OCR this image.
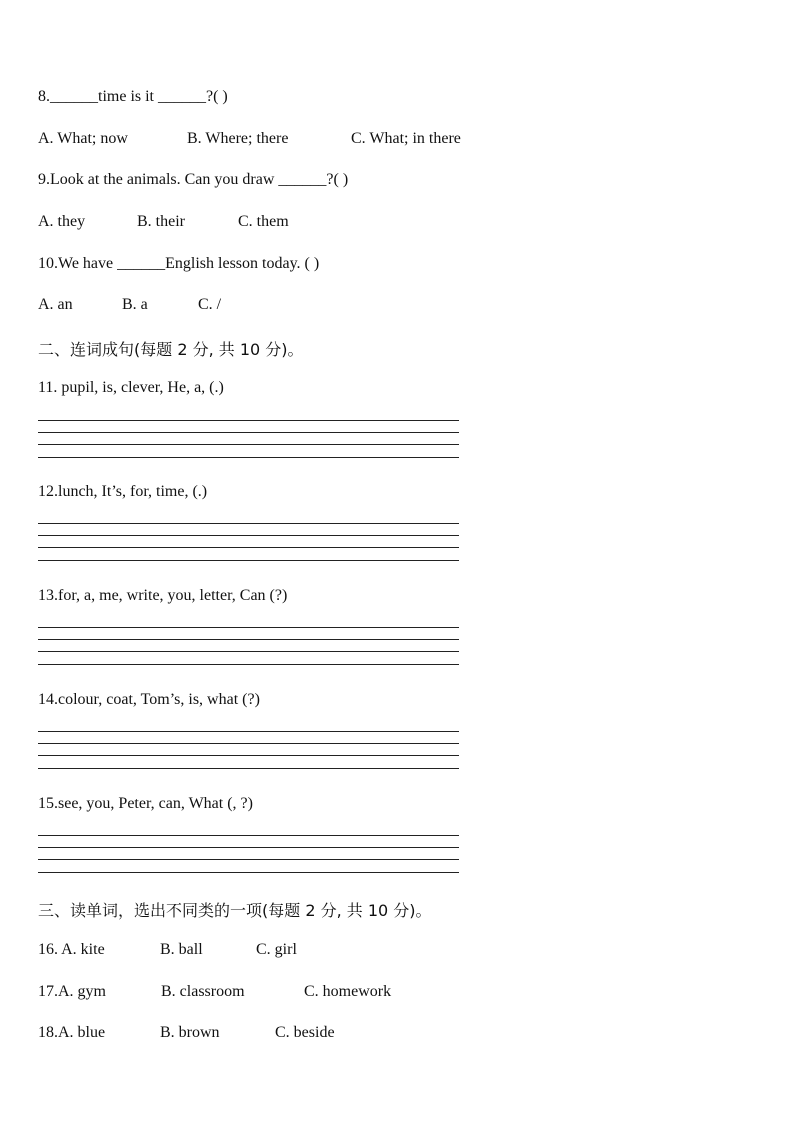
8.______time is it ______?( )
A. What; now	B. Where; there	C. What; in there
9.Look at the animals. Can you draw ______?( )
A. they	B. their	C. them
10.We have ______English lesson today. ( )
A. an	B. a	C. /
二、连词成句(每题 2 分, 共 10 分)。
11. pupil, is, clever, He, a, (.)
12.lunch, It’s, for, time, (.)
13.for, a, me, write, you, letter, Can (?)
14.colour, coat, Tom’s, is, what (?)
15.see, you, Peter, can, What (, ?)
三、读单词，选出不同类的一项(每题 2 分, 共 10 分)。
16. A. kite	B. ball	C. girl
17.A. gym	B. classroom	C. homework
18.A. blue	B. brown	C. beside
